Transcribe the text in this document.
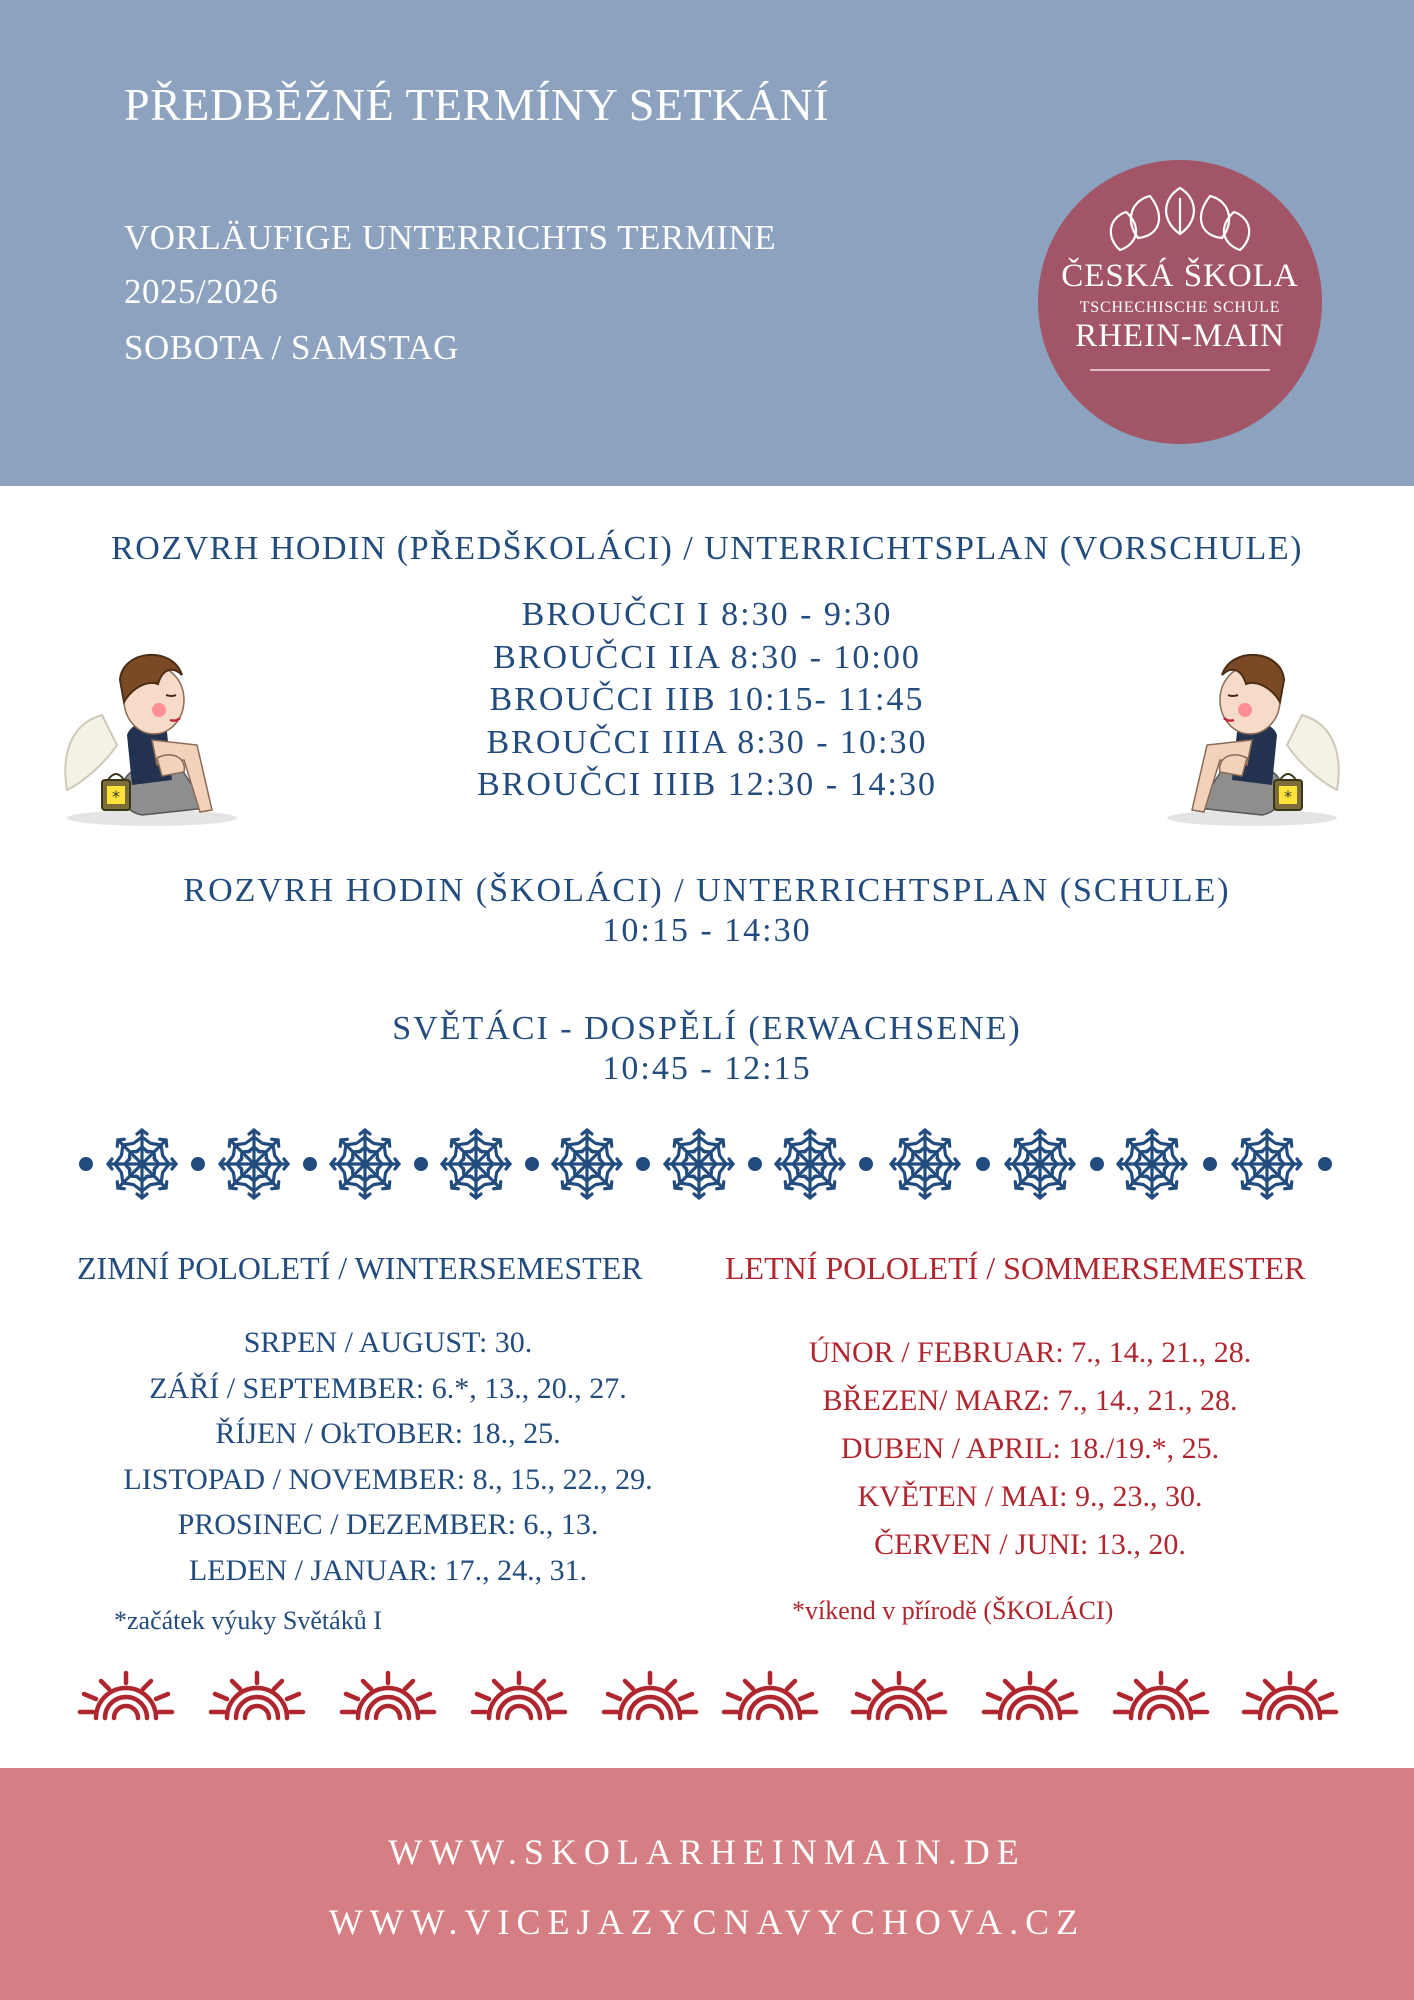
PŘEDBĚŽNÉ TERMÍNY SETKÁNÍ
VORLÄUFIGE UNTERRICHTS TERMINE
2025/2026
SOBOTA / SAMSTAG
ČESKÁ ŠKOLA
TSCHECHISCHE SCHULE
RHEIN-MAIN
ROZVRH HODIN (PŘEDŠKOLÁCI) / UNTERRICHTSPLAN (VORSCHULE)
BROUČCI I 8:30 - 9:30
BROUČCI IIA 8:30 - 10:00
BROUČCI IIB 10:15- 11:45
BROUČCI IIIA 8:30 - 10:30
BROUČCI IIIB 12:30 - 14:30
ROZVRH HODIN (ŠKOLÁCI) / UNTERRICHTSPLAN (SCHULE)
10:15 - 14:30
SVĚTÁCI - DOSPĚLÍ (ERWACHSENE)
10:45 - 12:15
ZIMNÍ POLOLETÍ / WINTERSEMESTER
SRPEN / AUGUST: 30.
ZÁŘÍ / SEPTEMBER: 6.*, 13., 20., 27.
ŘÍJEN / OkTOBER: 18., 25.
LISTOPAD / NOVEMBER: 8., 15., 22., 29.
PROSINEC / DEZEMBER: 6., 13.
LEDEN / JANUAR: 17., 24., 31.
*začátek výuky Světáků I
LETNÍ POLOLETÍ / SOMMERSEMESTER
ÚNOR / FEBRUAR: 7., 14., 21., 28.
BŘEZEN/ MARZ: 7., 14., 21., 28.
DUBEN / APRIL: 18./19.*, 25.
KVĚTEN / MAI: 9., 23., 30.
ČERVEN / JUNI: 13., 20.
*víkend v přírodě (ŠKOLÁCI)
WWW.SKOLARHEINMAIN.DE
WWW.VICEJAZYCNAVYCHOVA.CZ
